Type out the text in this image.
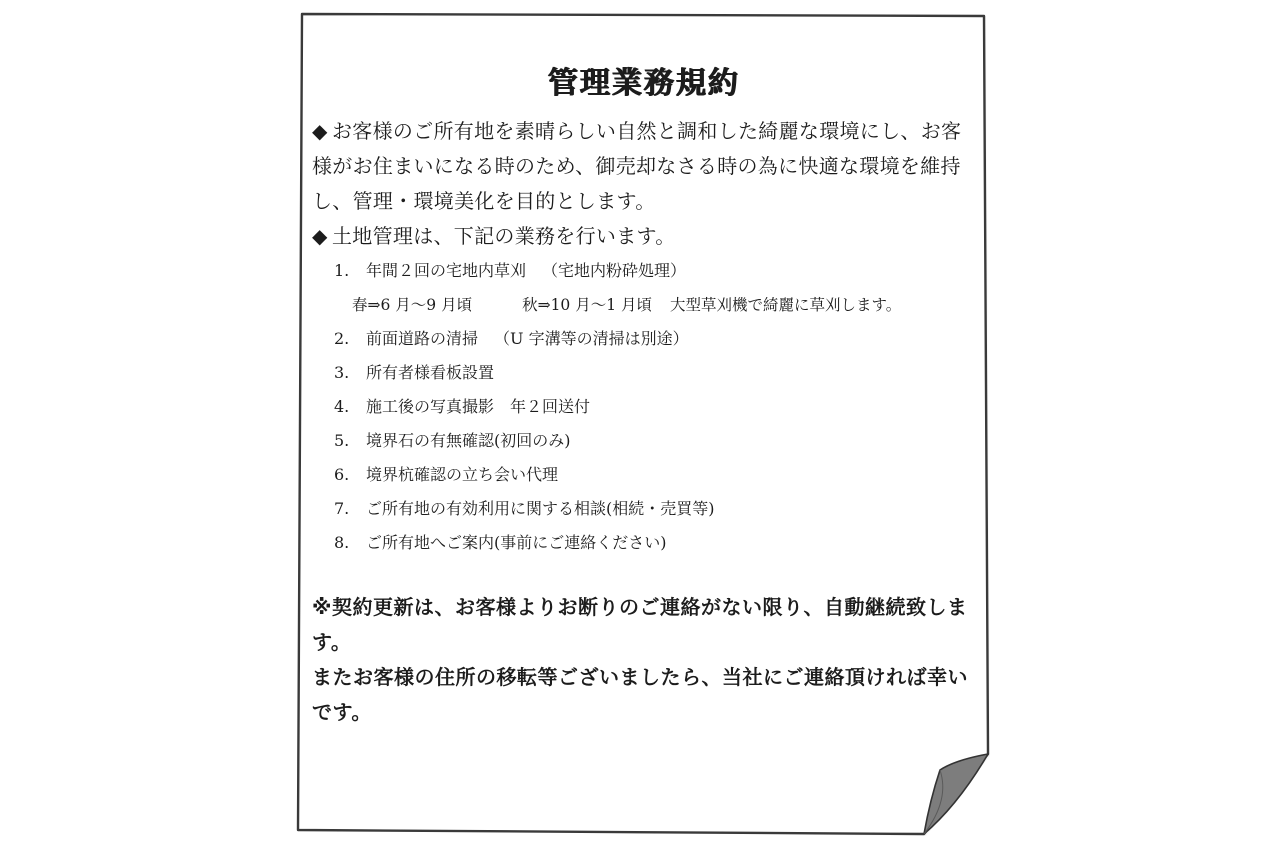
管理業務規約

◆ お客様のご所有地を素晴らしい自然と調和した綺麗な環境にし、お客様がお住まいになる時のため、御売却なさる時の為に快適な環境を維持し、管理・環境美化を目的とします。

◆ 土地管理は、下記の業務を行います。

1. 年間２回の宅地内草刈 （宅地内粉砕処理）
春⇒6 月～9 月頃	秋⇒10 月～1 月頃 大型草刈機で綺麗に草刈します。
2. 前面道路の清掃 （U 字溝等の清掃は別途）
3. 所有者様看板設置
4. 施工後の写真撮影 年２回送付
5. 境界石の有無確認(初回のみ)
6. 境界杭確認の立ち会い代理
7. ご所有地の有効利用に関する相談(相続・売買等)
8. ご所有地へご案内(事前にご連絡ください)

※契約更新は、お客様よりお断りのご連絡がない限り、自動継続致します。

またお客様の住所の移転等ございましたら、当社にご連絡頂ければ幸いです。
